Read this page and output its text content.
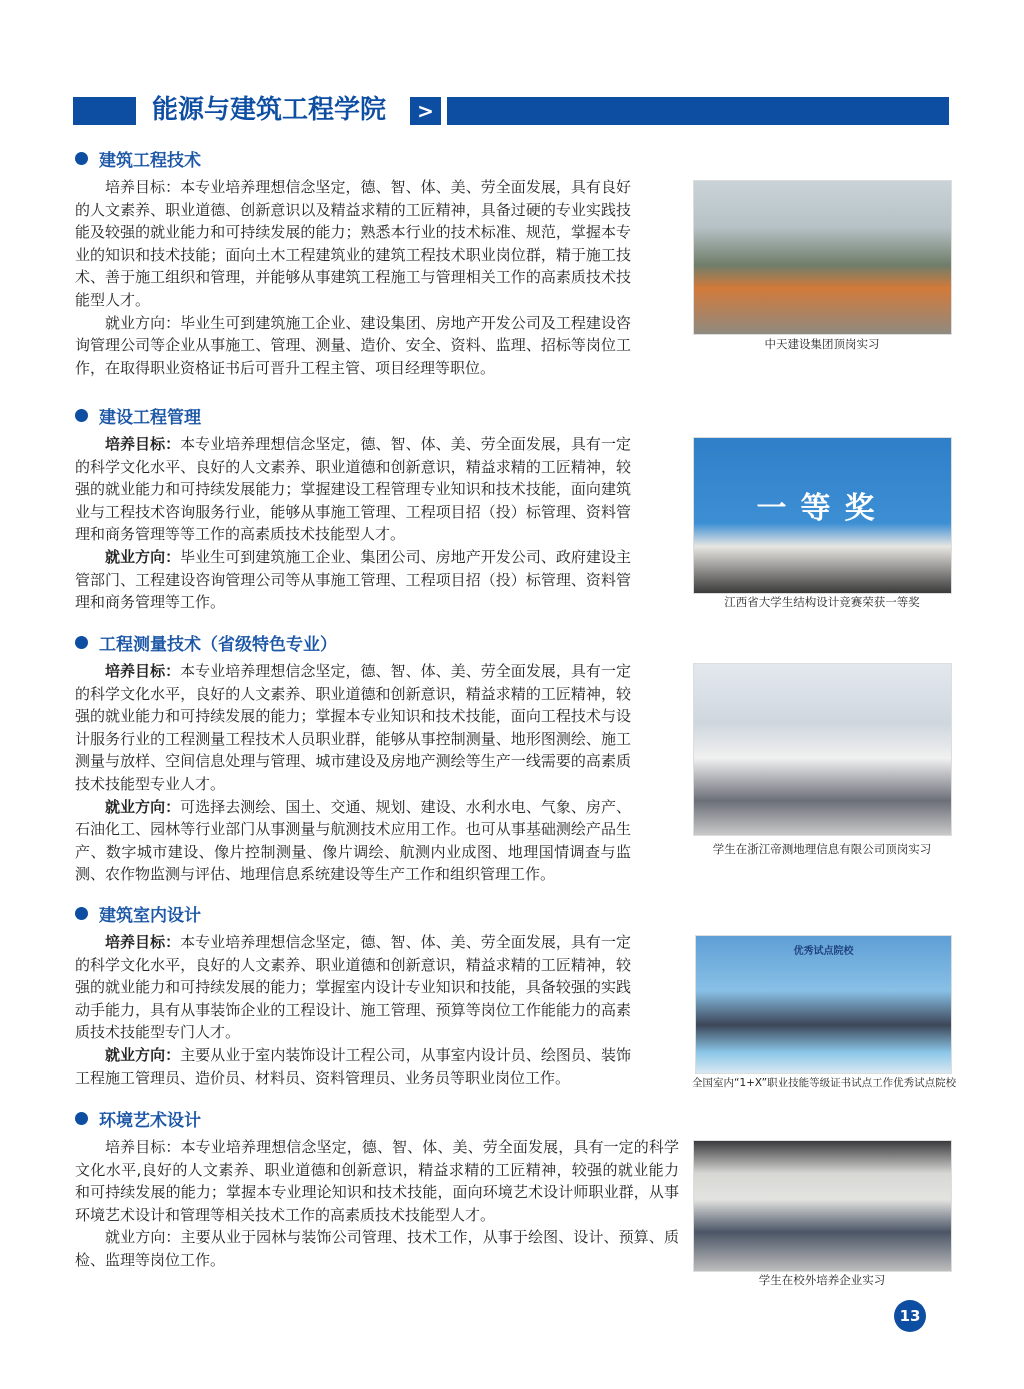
能源与建筑工程学院	>
建筑工程技术

培养目标：本专业培养理想信念坚定，德、智、体、美、劳全面发展，具有良好的人文素养、职业道德、创新意识以及精益求精的工匠精神，具备过硬的专业实践技能及较强的就业能力和可持续发展的能力；熟悉本行业的技术标准、规范，掌握本专业的知识和技术技能；面向土木工程建筑业的建筑工程技术职业岗位群，精于施工技术、善于施工组织和管理，并能够从事建筑工程施工与管理相关工作的高素质技术技能型人才。

就业方向：毕业生可到建筑施工企业、建设集团、房地产开发公司及工程建设咨询管理公司等企业从事施工、管理、测量、造价、安全、资料、监理、招标等岗位工作，在取得职业资格证书后可晋升工程主管、项目经理等职位。

建设工程管理

培养目标：本专业培养理想信念坚定，德、智、体、美、劳全面发展，具有一定的科学文化水平、良好的人文素养、职业道德和创新意识，精益求精的工匠精神，较强的就业能力和可持续发展能力；掌握建设工程管理专业知识和技术技能，面向建筑业与工程技术咨询服务行业，能够从事施工管理、工程项目招（投）标管理、资料管理和商务管理等等工作的高素质技术技能型人才。

就业方向：毕业生可到建筑施工企业、集团公司、房地产开发公司、政府建设主管部门、工程建设咨询管理公司等从事施工管理、工程项目招（投）标管理、资料管理和商务管理等工作。

工程测量技术（省级特色专业）

培养目标：本专业培养理想信念坚定，德、智、体、美、劳全面发展，具有一定的科学文化水平，良好的人文素养、职业道德和创新意识，精益求精的工匠精神，较强的就业能力和可持续发展的能力；掌握本专业知识和技术技能，面向工程技术与设计服务行业的工程测量工程技术人员职业群，能够从事控制测量、地形图测绘、施工测量与放样、空间信息处理与管理、城市建设及房地产测绘等生产一线需要的高素质技术技能型专业人才。

就业方向：可选择去测绘、国土、交通、规划、建设、水利水电、气象、房产、石油化工、园林等行业部门从事测量与航测技术应用工作。也可从事基础测绘产品生产、数字城市建设、像片控制测量、像片调绘、航测内业成图、地理国情调查与监测、农作物监测与评估、地理信息系统建设等生产工作和组织管理工作。

建筑室内设计

培养目标：本专业培养理想信念坚定，德、智、体、美、劳全面发展，具有一定的科学文化水平，良好的人文素养、职业道德和创新意识，精益求精的工匠精神，较强的就业能力和可持续发展的能力；掌握室内设计专业知识和技能，具备较强的实践动手能力，具有从事装饰企业的工程设计、施工管理、预算等岗位工作能能力的高素质技术技能型专门人才。

就业方向：主要从业于室内装饰设计工程公司，从事室内设计员、绘图员、装饰工程施工管理员、造价员、材料员、资料管理员、业务员等职业岗位工作。

环境艺术设计

培养目标：本专业培养理想信念坚定，德、智、体、美、劳全面发展，具有一定的科学文化水平,良好的人文素养、职业道德和创新意识，精益求精的工匠精神，较强的就业能力和可持续发展的能力；掌握本专业理论知识和技术技能，面向环境艺术设计师职业群，从事环境艺术设计和管理等相关技术工作的高素质技术技能型人才。

就业方向：主要从业于园林与装饰公司管理、技术工作，从事于绘图、设计、预算、质检、监理等岗位工作。

中天建设集团顶岗实习
一等奖
江西省大学生结构设计竞赛荣获一等奖
学生在浙江帝测地理信息有限公司顶岗实习
优秀试点院校
全国室内“1+X”职业技能等级证书试点工作优秀试点院校
学生在校外培养企业实习
13
